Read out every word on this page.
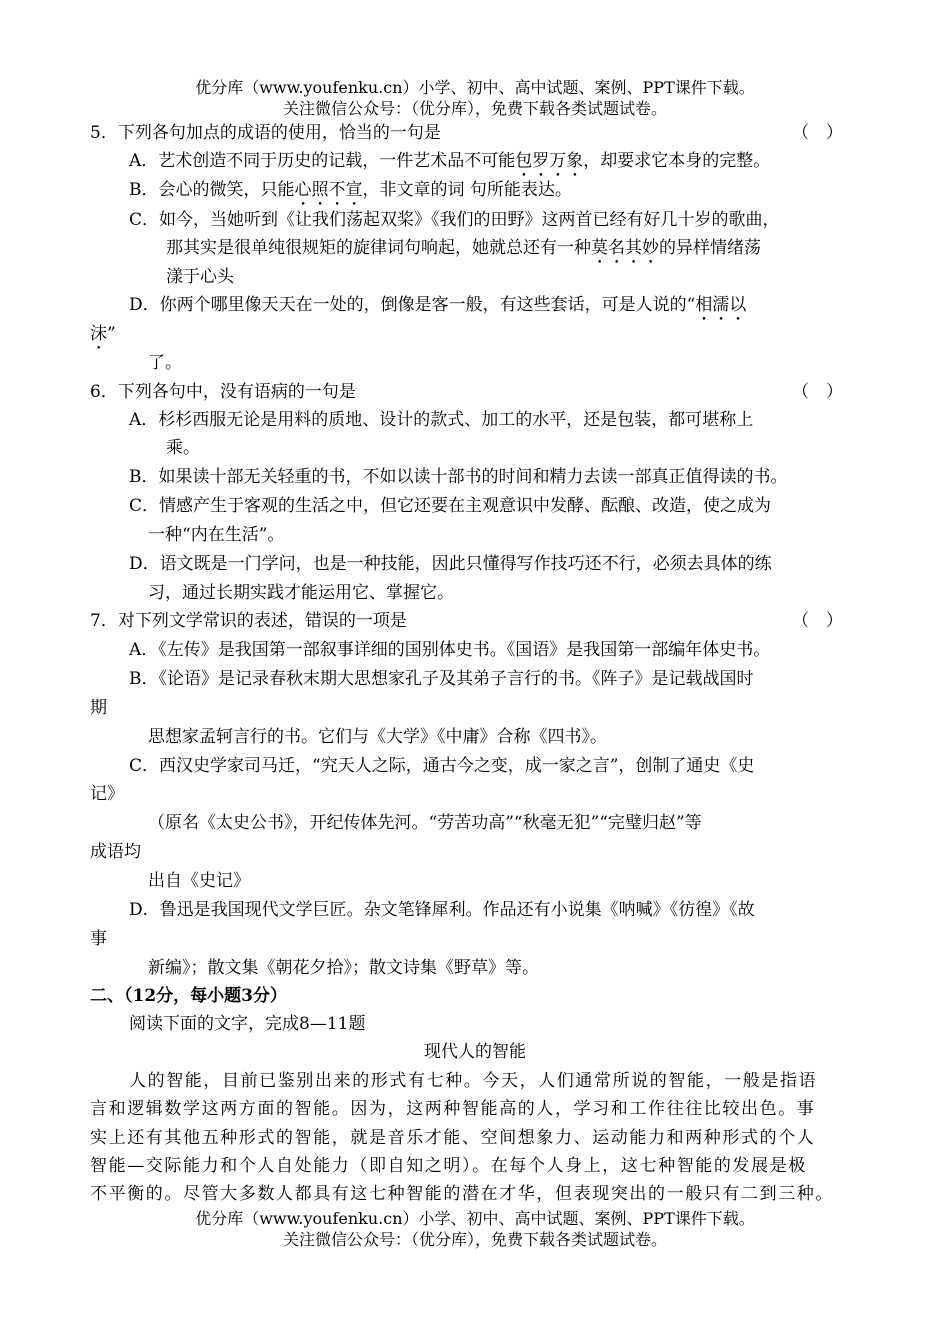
优分库（www.youfenku.cn）小学、初中、高中试题、案例、PPT课件下载。
关注微信公众号：（优分库），免费下载各类试题试卷。
5．下列各句加点的成语的使用，恰当的一句是	（　）
A．艺术创造不同于历史的记载，一件艺术品不可能包罗万象，却要求它本身的完整。
B．会心的微笑，只能心照不宣，非文章的词 句所能表达。
C．如今，当她听到《让我们荡起双桨》《我们的田野》这两首已经有好几十岁的歌曲，
那其实是很单纯很规矩的旋律词句响起，她就总还有一种莫名其妙的异样情绪荡
漾于心头
D．你两个哪里像天天在一处的，倒像是客一般，有这些套话，可是人说的“相濡以
沫”
了。
6．下列各句中，没有语病的一句是	（　）
A．杉杉西服无论是用料的质地、设计的款式、加工的水平，还是包装，都可堪称上
乘。
B．如果读十部无关轻重的书，不如以读十部书的时间和精力去读一部真正值得读的书。
C．情感产生于客观的生活之中，但它还要在主观意识中发酵、酝酿、改造，使之成为
一种“内在生活”。
D．语文既是一门学问，也是一种技能，因此只懂得写作技巧还不行，必须去具体的练
习，通过长期实践才能运用它、掌握它。
7．对下列文学常识的表述，错误的一项是	（　）
A．《左传》是我国第一部叙事详细的国别体史书。《国语》是我国第一部编年体史书。
B．《论语》是记录春秋末期大思想家孔子及其弟子言行的书。《阵子》是记载战国时
期
思想家孟轲言行的书。它们与《大学》《中庸》合称《四书》。
C．西汉史学家司马迁，“究天人之际，通古今之变，成一家之言”，创制了通史《史
记》
（原名《太史公书》，开纪传体先河。“劳苦功高”“秋毫无犯”“完璧归赵”等
成语均
出自《史记》
D．鲁迅是我国现代文学巨匠。杂文笔锋犀利。作品还有小说集《呐喊》《彷徨》《故
事
新编》；散文集《朝花夕拾》；散文诗集《野草》等。
二、（12分，每小题3分）
阅读下面的文字，完成8—11题
现代人的智能
人的智能，目前已鉴别出来的形式有七种。今天，人们通常所说的智能，一般是指语
言和逻辑数学这两方面的智能。因为，这两种智能高的人，学习和工作往往比较出色。事
实上还有其他五种形式的智能，就是音乐才能、空间想象力、运动能力和两种形式的个人
智能—交际能力和个人自处能力（即自知之明）。在每个人身上，这七种智能的发展是极
不平衡的。尽管大多数人都具有这七种智能的潜在才华，但表现突出的一般只有二到三种。
优分库（www.youfenku.cn）小学、初中、高中试题、案例、PPT课件下载。
关注微信公众号：（优分库），免费下载各类试题试卷。
